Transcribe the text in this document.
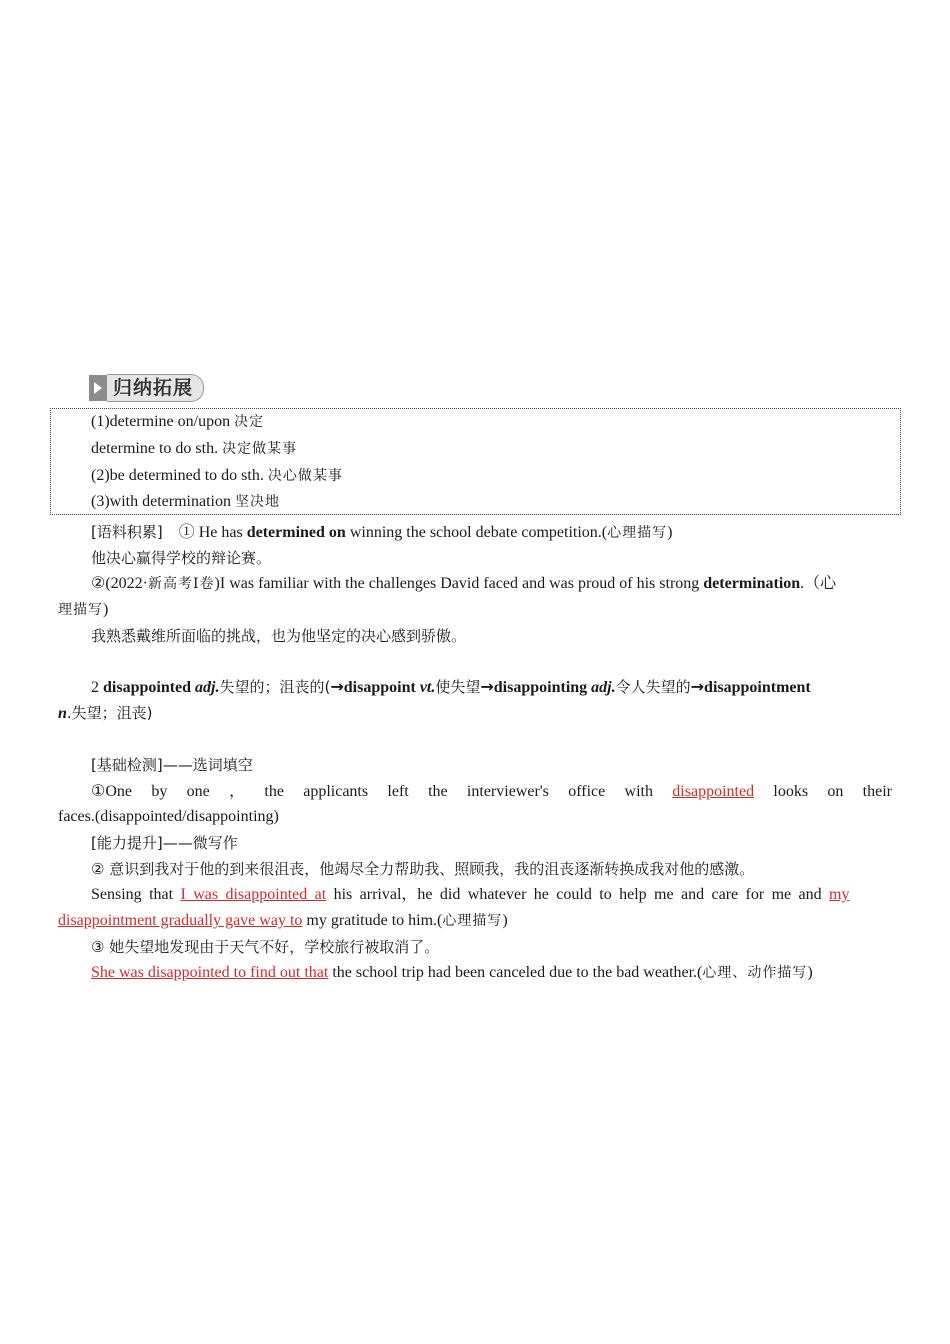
归纳拓展
(1)determine on/upon 决定
determine to do sth. 决定做某事
(2)be determined to do sth. 决心做某事
(3)with determination 坚决地
[语料积累]　① He has determined on winning the school debate competition.(心理描写)
他决心赢得学校的辩论赛。
②(2022·新高考Ⅰ卷)I was familiar with the challenges David faced and was proud of his strong determination.（心
理描写)
我熟悉戴维所面临的挑战，也为他坚定的决心感到骄傲。
2 disappointed adj.失望的；沮丧的(→disappoint vt.使失望→disappointing adj.令人失望的→disappointment
n.失望；沮丧)
[基础检测]——选词填空
①One by one ， the applicants left the interviewer's office with disappointed looks on their
faces.(disappointed/disappointing)
[能力提升]——微写作
② 意识到我对于他的到来很沮丧，他竭尽全力帮助我、照顾我，我的沮丧逐渐转换成我对他的感激。
Sensing that I was disappointed at his arrival，he did whatever he could to help me and care for me and my
disappointment gradually gave way to my gratitude to him.(心理描写)
③ 她失望地发现由于天气不好，学校旅行被取消了。
She was disappointed to find out that the school trip had been canceled due to the bad weather.(心理、动作描写)
